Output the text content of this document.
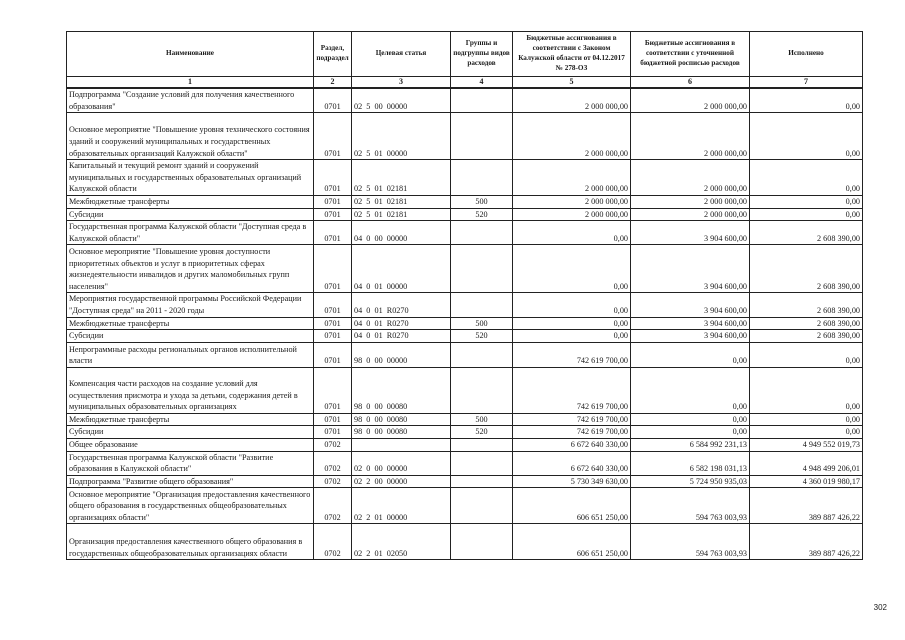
Наименование	Раздел, подраздел	Целевая статья	Группы и подгруппы видов расходов	Бюджетные ассигнования в соответствии с Законом Калужской области от 04.12.2017 № 278-ОЗ	Бюджетные ассигнования в соответствии с уточненной бюджетной росписью расходов	Исполнено
1	2	3	4	5	6	7
Подпрограмма "Создание условий для получения качественного образования"	0701	02  5  00  00000		2 000 000,00	2 000 000,00	0,00
Основное мероприятие "Повышение уровня технического состояния зданий и сооружений муниципальных и государственных образовательных организаций Калужской области"	0701	02  5  01  00000		2 000 000,00	2 000 000,00	0,00
Капитальный и текущий ремонт зданий и сооружений муниципальных и государственных образовательных организаций Калужской области	0701	02  5  01  02181		2 000 000,00	2 000 000,00	0,00
Межбюджетные трансферты	0701	02  5  01  02181	500	2 000 000,00	2 000 000,00	0,00
Субсидии	0701	02  5  01  02181	520	2 000 000,00	2 000 000,00	0,00
Государственная программа Калужской области "Доступная среда в Калужской области"	0701	04  0  00  00000		0,00	3 904 600,00	2 608 390,00
Основное мероприятие "Повышение уровня доступности приоритетных объектов и услуг в приоритетных сферах жизнедеятельности инвалидов и других маломобильных групп населения"	0701	04  0  01  00000		0,00	3 904 600,00	2 608 390,00
Мероприятия государственной программы Российской Федерации "Доступная среда" на 2011 - 2020 годы	0701	04  0  01  R0270		0,00	3 904 600,00	2 608 390,00
Межбюджетные трансферты	0701	04  0  01  R0270	500	0,00	3 904 600,00	2 608 390,00
Субсидии	0701	04  0  01  R0270	520	0,00	3 904 600,00	2 608 390,00
Непрограммные расходы региональных органов исполнительной власти	0701	98  0  00  00000		742 619 700,00	0,00	0,00
Компенсация части расходов на создание условий для осуществления присмотра и ухода за детьми, содержания детей в муниципальных образовательных организациях	0701	98  0  00  00080		742 619 700,00	0,00	0,00
Межбюджетные трансферты	0701	98  0  00  00080	500	742 619 700,00	0,00	0,00
Субсидии	0701	98  0  00  00080	520	742 619 700,00	0,00	0,00
Общее образование	0702			6 672 640 330,00	6 584 992 231,13	4 949 552 019,73
Государственная программа Калужской области "Развитие образования в Калужской области"	0702	02  0  00  00000		6 672 640 330,00	6 582 198 031,13	4 948 499 206,01
Подпрограмма "Развитие общего образования"	0702	02  2  00  00000		5 730 349 630,00	5 724 950 935,03	4 360 019 980,17
Основное мероприятие "Организация предоставления качественного общего образования в государственных общеобразовательных организациях области"	0702	02  2  01  00000		606 651 250,00	594 763 003,93	389 887 426,22
Организация предоставления качественного общего образования в государственных общеобразовательных организациях области	0702	02  2  01  02050		606 651 250,00	594 763 003,93	389 887 426,22
302
